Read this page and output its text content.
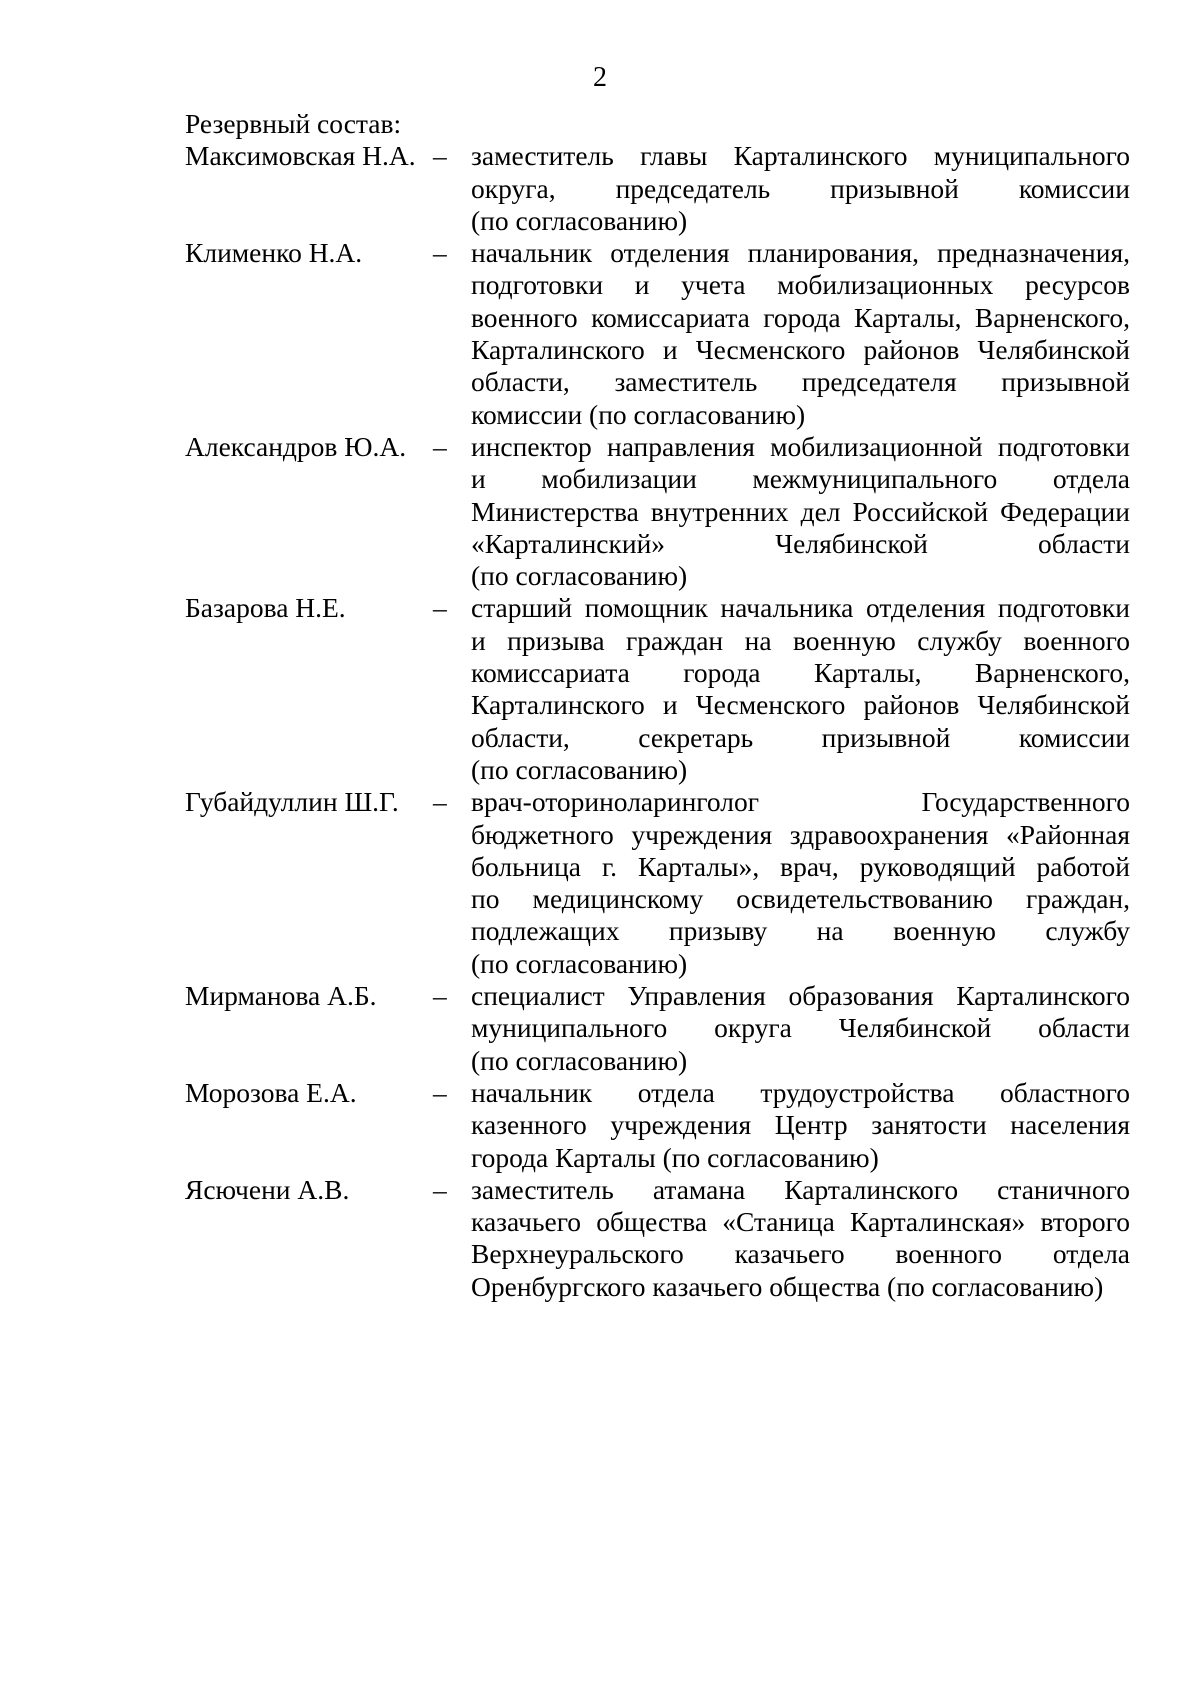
2
Резервный состав:
Максимовская Н.А. – заместитель главы Карталинского муниципального
округа, председатель призывной комиссии
(по согласованию)
Клименко Н.А.	– начальник отделения планирования, предназначения,
подготовки и учета мобилизационных ресурсов
военного комиссариата города Карталы, Варненского,
Карталинского и Чесменского районов Челябинской
области, заместитель председателя призывной
комиссии (по согласованию)
Александров Ю.А. – инспектор направления мобилизационной подготовки
и мобилизации межмуниципального отдела
Министерства внутренних дел Российской Федерации
«Карталинский» Челябинской области
(по согласованию)
Базарова Н.Е.	– старший помощник начальника отделения подготовки
и призыва граждан на военную службу военного
комиссариата города Карталы, Варненского,
Карталинского и Чесменского районов Челябинской
области, секретарь призывной комиссии
(по согласованию)
Губайдуллин Ш.Г.	– врач-оториноларинголог Государственного
бюджетного учреждения здравоохранения «Районная
больница г. Карталы», врач, руководящий работой
по медицинскому освидетельствованию граждан,
подлежащих призыву на военную службу
(по согласованию)
Мирманова А.Б.	– специалист Управления образования Карталинского
муниципального округа Челябинской области
(по согласованию)
Морозова Е.А.	– начальник отдела трудоустройства областного
казенного учреждения Центр занятости населения
города Карталы (по согласованию)
Ясючени А.В.	– заместитель атамана Карталинского станичного
казачьего общества «Станица Карталинская» второго
Верхнеуральского казачьего военного отдела
Оренбургского казачьего общества (по согласованию)
